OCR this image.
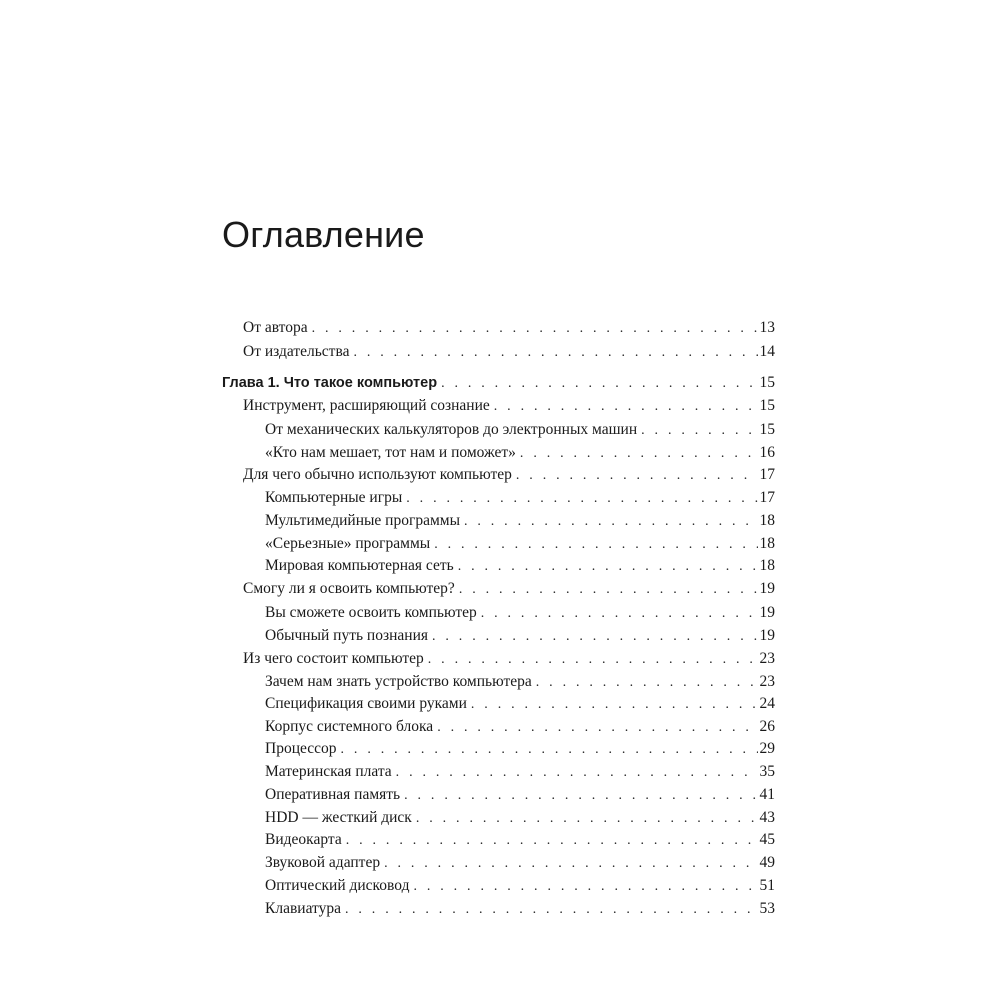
Оглавление
От автора . . .	13
От издательства . . .	14
Глава 1. Что такое компьютер . . .	15
Инструмент, расширяющий сознание . . .	15
От механических калькуляторов до электронных машин . . .	15
«Кто нам мешает, тот нам и поможет» . . .	16
Для чего обычно используют компьютер . . .	17
Компьютерные игры . . .	17
Мультимедийные программы . . .	18
«Серьезные» программы . . .	18
Мировая компьютерная сеть . . .	18
Смогу ли я освоить компьютер? . . .	19
Вы сможете освоить компьютер . . .	19
Обычный путь познания . . .	19
Из чего состоит компьютер . . .	23
Зачем нам знать устройство компьютера . . .	23
Спецификация своими руками . . .	24
Корпус системного блока . . .	26
Процессор . . .	29
Материнская плата . . .	35
Оперативная память . . .	41
HDD — жесткий диск . . .	43
Видеокарта . . .	45
Звуковой адаптер . . .	49
Оптический дисковод . . .	51
Клавиатура . . .	53
